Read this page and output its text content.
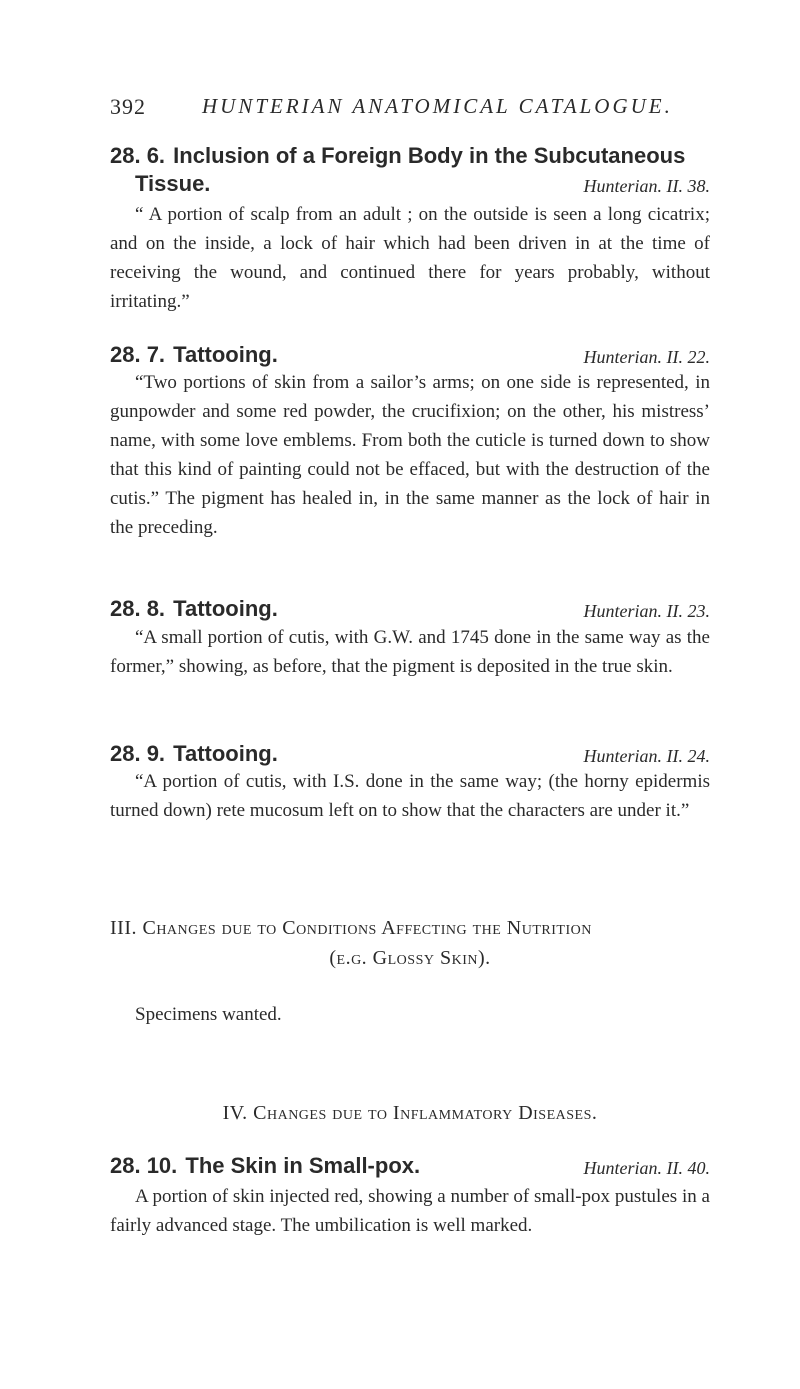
392	HUNTERIAN ANATOMICAL CATALOGUE.
28. 6. Inclusion of a Foreign Body in the Subcutaneous
Tissue.	Hunterian. II. 38.
“ A portion of scalp from an adult ; on the outside is seen a long cicatrix; and on the inside, a lock of hair which had been driven in at the time of receiving the wound, and continued there for years probably, without irritating.”
28. 7. Tattooing.	Hunterian. II. 22.
“Two portions of skin from a sailor’s arms; on one side is represented, in gunpowder and some red powder, the crucifixion; on the other, his mistress’ name, with some love emblems. From both the cuticle is turned down to show that this kind of painting could not be effaced, but with the destruction of the cutis.” The pigment has healed in, in the same manner as the lock of hair in the preceding.
28. 8. Tattooing.	Hunterian. II. 23.
“A small portion of cutis, with G.W. and 1745 done in the same way as the former,” showing, as before, that the pigment is deposited in the true skin.
28. 9. Tattooing.	Hunterian. II. 24.
“A portion of cutis, with I.S. done in the same way; (the horny epidermis turned down) rete mucosum left on to show that the characters are under it.”
III. Changes due to Conditions Affecting the Nutrition
(e.g. Glossy Skin).
Specimens wanted.
IV. Changes due to Inflammatory Diseases.
28. 10. The Skin in Small-pox.	Hunterian. II. 40.
A portion of skin injected red, showing a number of small-pox pustules in a fairly advanced stage. The umbilication is well marked.
